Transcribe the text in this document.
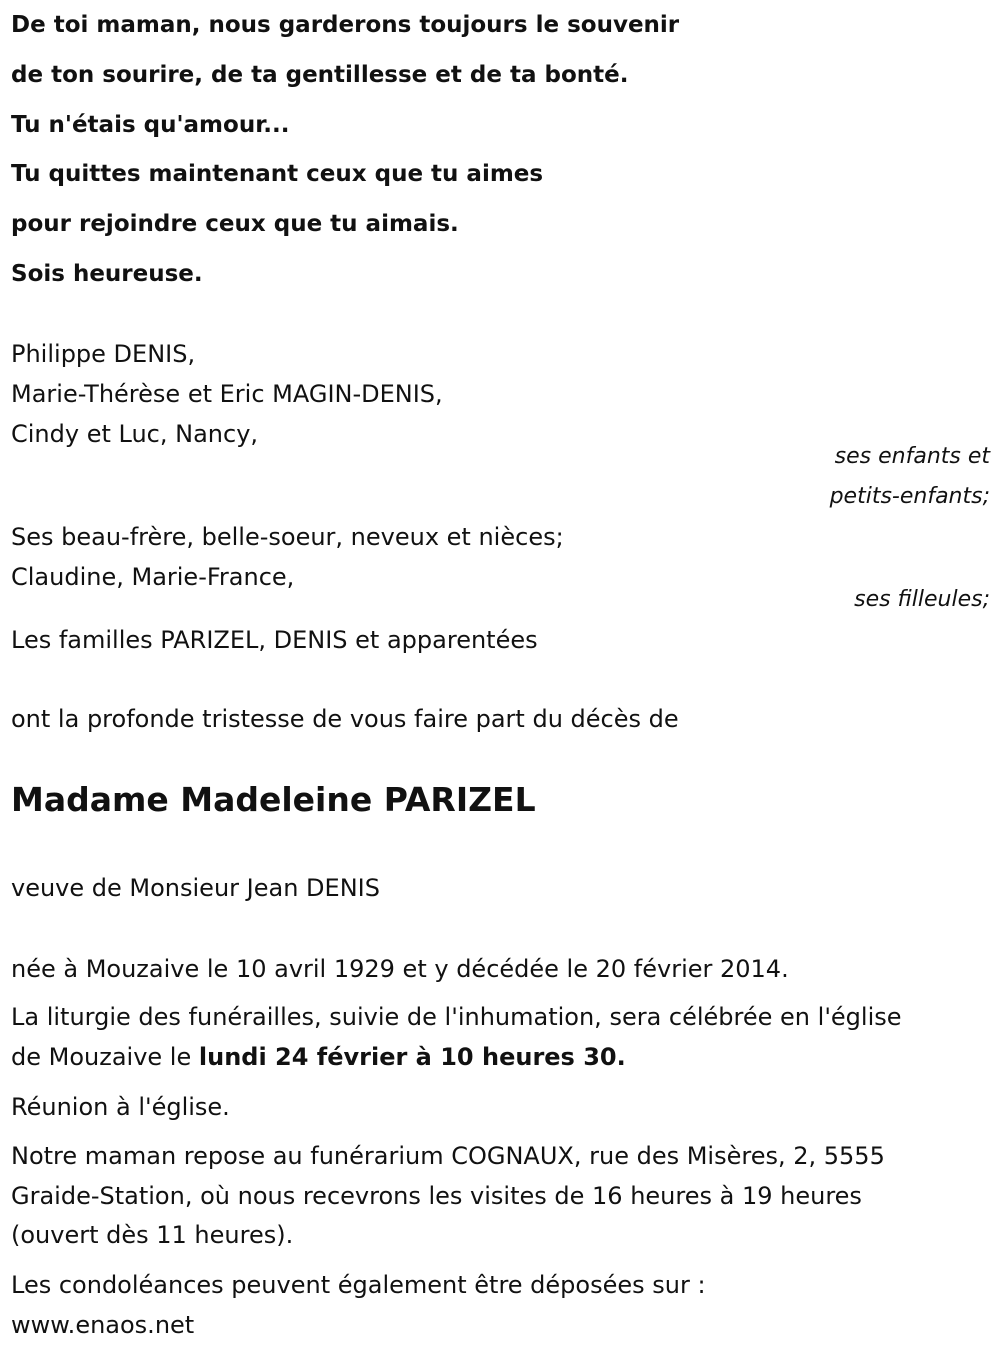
De toi maman, nous garderons toujours le souvenir
de ton sourire, de ta gentillesse et de ta bonté.
Tu n'étais qu'amour...
Tu quittes maintenant ceux que tu aimes
pour rejoindre ceux que tu aimais.
Sois heureuse.
Philippe DENIS,
Marie-Thérèse et Eric MAGIN-DENIS,
Cindy et Luc, Nancy,
ses enfants et
petits-enfants;
Ses beau-frère, belle-soeur, neveux et nièces;
Claudine, Marie-France,
ses filleules;
Les familles PARIZEL, DENIS et apparentées
ont la profonde tristesse de vous faire part du décès de
Madame Madeleine PARIZEL
veuve de Monsieur Jean DENIS
née à Mouzaive le 10 avril 1929 et y décédée le 20 février 2014.
La liturgie des funérailles, suivie de l'inhumation, sera célébrée en l'église
de Mouzaive le lundi 24 février à 10 heures 30.
Réunion à l'église.
Notre maman repose au funérarium COGNAUX, rue des Misères, 2, 5555
Graide-Station, où nous recevrons les visites de 16 heures à 19 heures
(ouvert dès 11 heures).
Les condoléances peuvent également être déposées sur :
www.enaos.net
